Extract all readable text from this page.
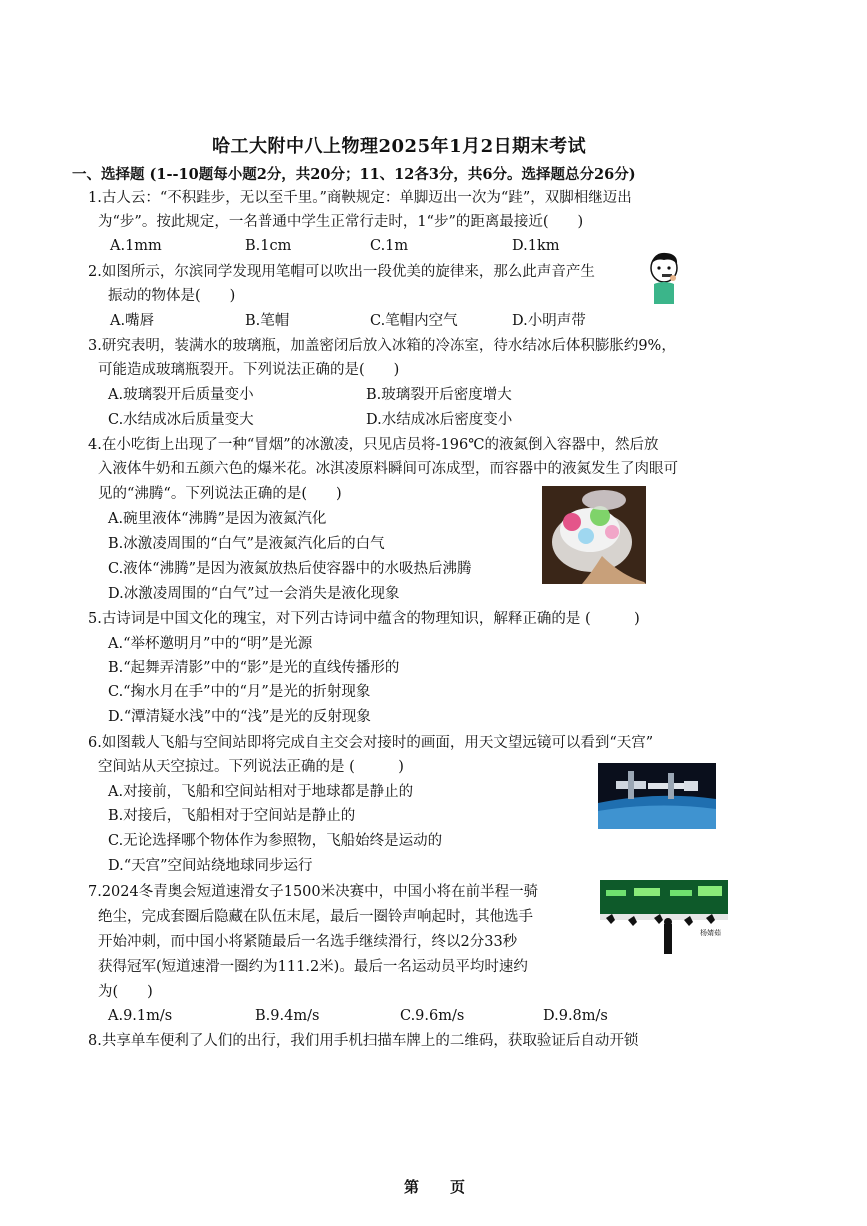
哈工大附中八上物理2025年1月2日期末考试
一、选择题 (1--10题每小题2分，共20分；11、12各3分，共6分。选择题总分26分)
1.古人云：“不积跬步，无以至千里。”商鞅规定：单脚迈出一次为“跬”，双脚相继迈出
为“步”。按此规定，一名普通中学生正常行走时，1“步”的距离最接近(　　)
A.1mm	B.1cm	C.1m	D.1km
2.如图所示，尔滨同学发现用笔帽可以吹出一段优美的旋律来，那么此声音产生
振动的物体是(　　)
A.嘴唇	B.笔帽	C.笔帽内空气	D.小明声带
3.研究表明，装满水的玻璃瓶，加盖密闭后放入冰箱的冷冻室，待水结冰后体积膨胀约9%，
可能造成玻璃瓶裂开。下列说法正确的是(　　)
A.玻璃裂开后质量变小	B.玻璃裂开后密度增大
C.水结成冰后质量变大	D.水结成冰后密度变小
4.在小吃街上出现了一种“冒烟”的冰激凌，只见店员将-196℃的液氮倒入容器中，然后放
入液体牛奶和五颜六色的爆米花。冰淇凌原料瞬间可冻成型，而容器中的液氮发生了肉眼可
见的“沸腾“。下列说法正确的是(　　)
A.碗里液体“沸腾”是因为液氮汽化
B.冰激凌周围的“白气”是液氮汽化后的白气
C.液体“沸腾”是因为液氮放热后使容器中的水吸热后沸腾
D.冰激凌周围的“白气”过一会消失是液化现象
5.古诗词是中国文化的瑰宝，对下列古诗词中蕴含的物理知识，解释正确的是 (　　　)
A.“举杯邀明月”中的“明”是光源
B.“起舞弄清影”中的“影”是光的直线传播形的
C.“掬水月在手”中的“月”是光的折射现象
D.“潭清疑水浅”中的“浅”是光的反射现象
6.如图载人飞船与空间站即将完成自主交会对接时的画面，用天文望远镜可以看到“天宫”
空间站从天空掠过。下列说法正确的是 (　　　)
A.对接前，飞船和空间站相对于地球都是静止的
B.对接后，飞船相对于空间站是静止的
C.无论选择哪个物体作为参照物，飞船始终是运动的
D.“天宫”空间站绕地球同步运行
7.2024冬青奥会短道速滑女子1500米决赛中，中国小将在前半程一骑
绝尘，完成套圈后隐藏在队伍末尾，最后一圈铃声响起时，其他选手
开始冲刺，而中国小将紧随最后一名选手继续滑行，终以2分33秒
获得冠军(短道速滑一圈约为111.2米)。最后一名运动员平均时速约
为(　　)
A.9.1m/s	B.9.4m/s	C.9.6m/s	D.9.8m/s
杨婧茹
8.共享单车便利了人们的出行，我们用手机扫描车牌上的二维码，获取验证后自动开锁
第 页
